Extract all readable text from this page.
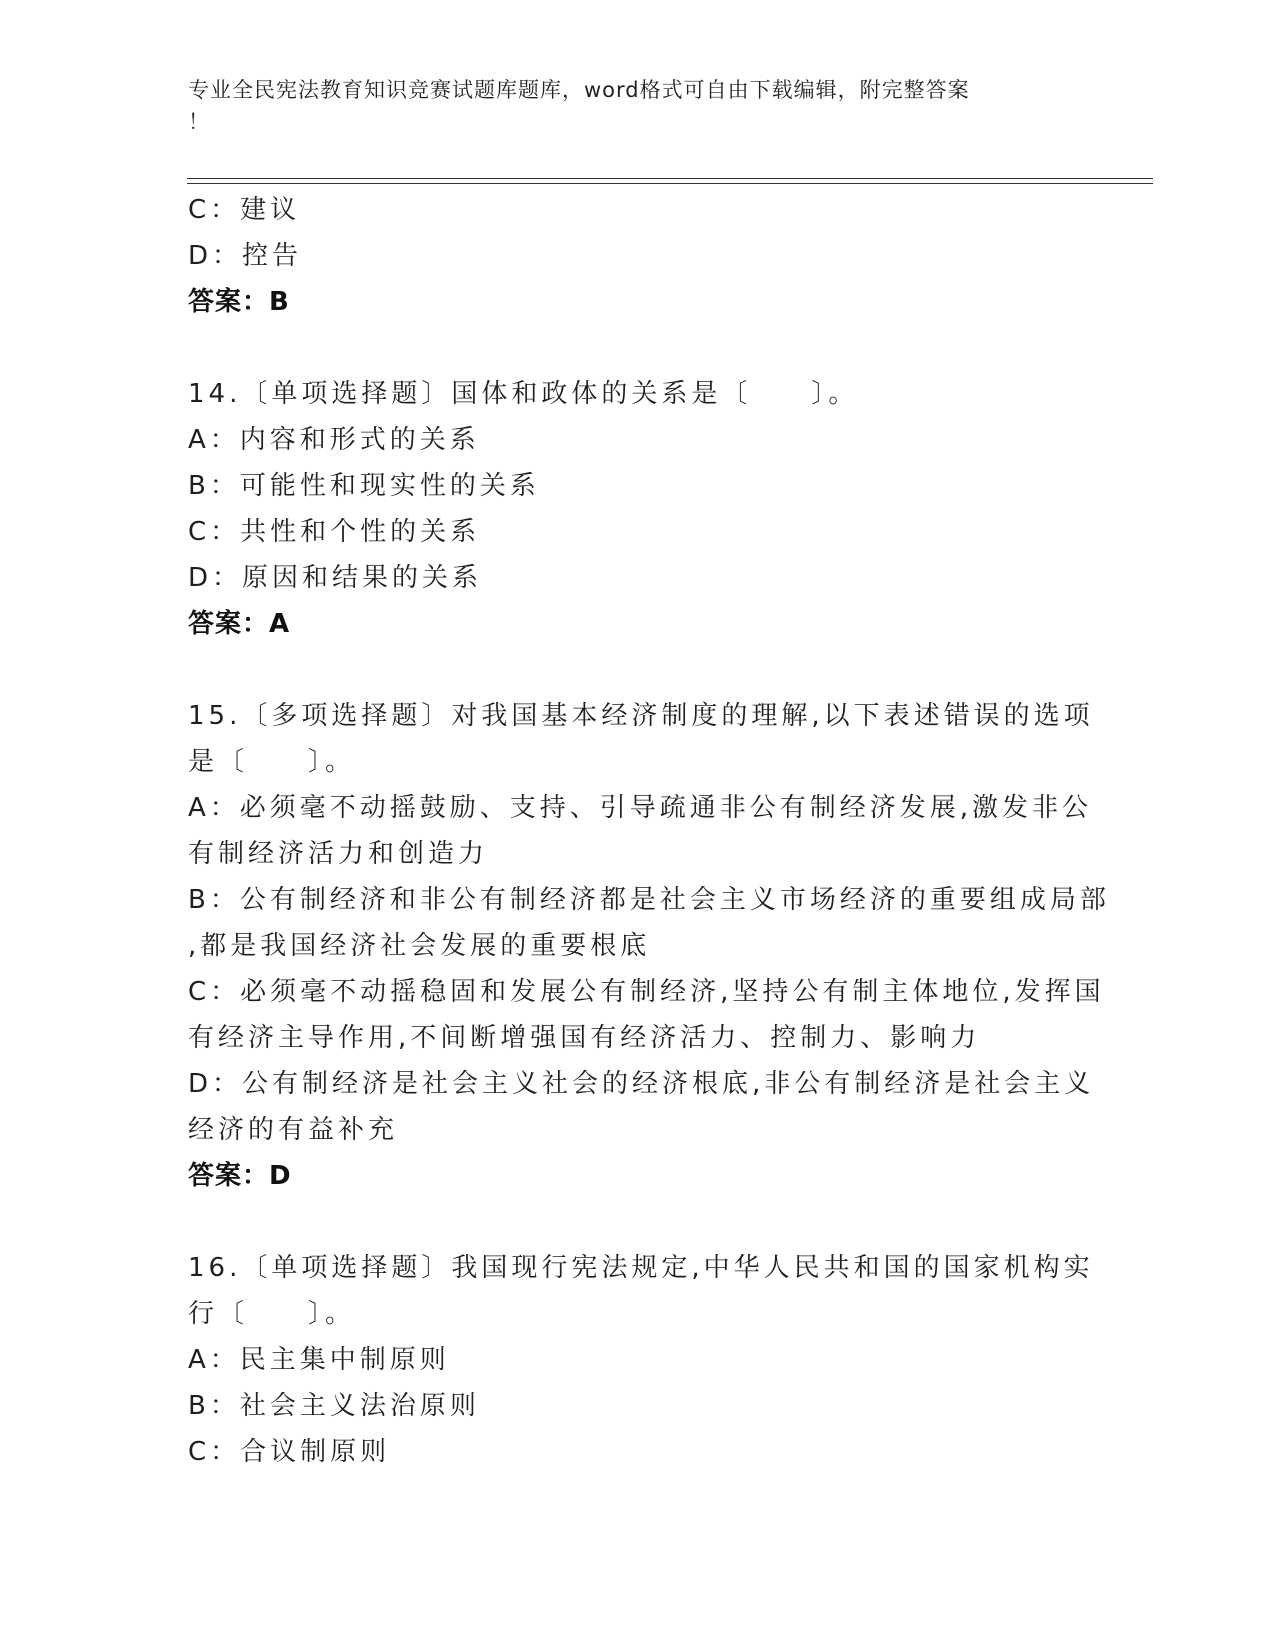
专业全民宪法教育知识竞赛试题库题库，word格式可自由下载编辑，附完整答案
！
C：建议
D：控告
答案：B
14.〔单项选择题〕国体和政体的关系是〔　　〕。
A：内容和形式的关系
B：可能性和现实性的关系
C：共性和个性的关系
D：原因和结果的关系
答案：A
15.〔多项选择题〕对我国基本经济制度的理解,以下表述错误的选项
是〔　　〕。
A：必须毫不动摇鼓励、支持、引导疏通非公有制经济发展,激发非公
有制经济活力和创造力
B：公有制经济和非公有制经济都是社会主义市场经济的重要组成局部
,都是我国经济社会发展的重要根底
C：必须毫不动摇稳固和发展公有制经济,坚持公有制主体地位,发挥国
有经济主导作用,不间断增强国有经济活力、控制力、影响力
D：公有制经济是社会主义社会的经济根底,非公有制经济是社会主义
经济的有益补充
答案：D
16.〔单项选择题〕我国现行宪法规定,中华人民共和国的国家机构实
行〔　　〕。
A：民主集中制原则
B：社会主义法治原则
C：合议制原则
